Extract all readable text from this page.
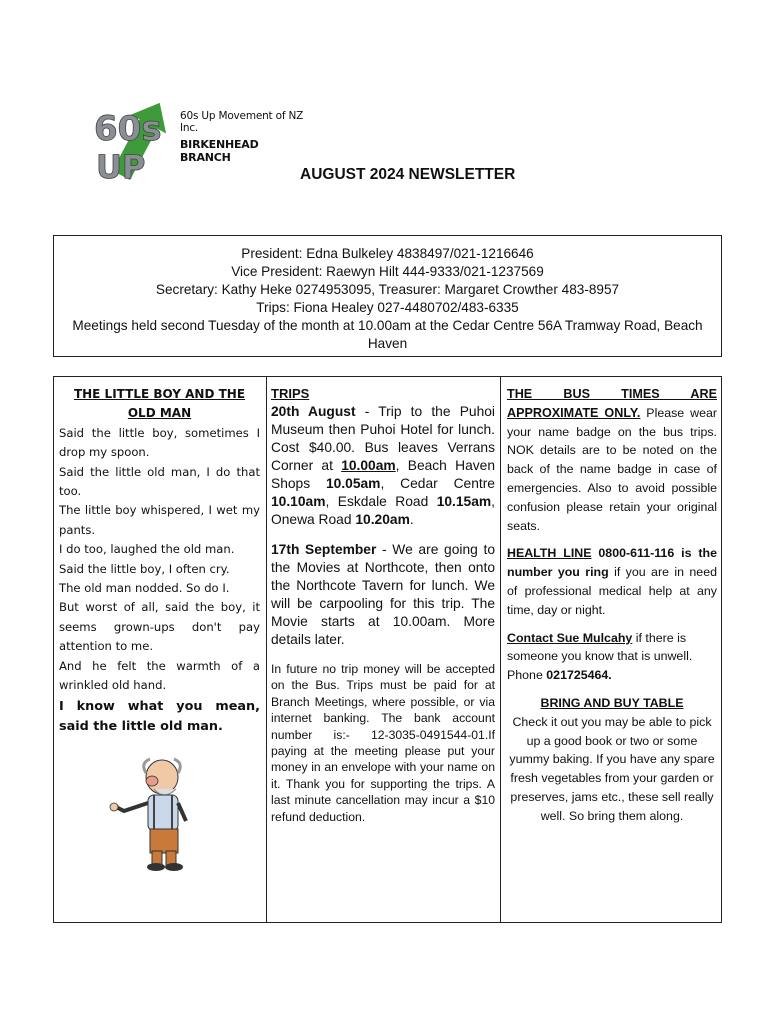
60s
UP
60s Up Movement of NZ Inc.
BIRKENHEAD BRANCH
AUGUST 2024 NEWSLETTER
President: Edna Bulkeley 4838497/021-1216646
Vice President: Raewyn Hilt 444-9333/021-1237569
Secretary: Kathy Heke 0274953095, Treasurer: Margaret Crowther 483-8957
Trips: Fiona Healey 027-4480702/483-6335
Meetings held second Tuesday of the month at 10.00am at the Cedar Centre 56A Tramway Road, Beach Haven
THE LITTLE BOY AND THE OLD MAN

Said the little boy, sometimes I drop my spoon.

Said the little old man, I do that too.

The little boy whispered, I wet my pants.

I do too, laughed the old man.

Said the little boy, I often cry.

The old man nodded. So do I.

But worst of all, said the boy, it seems grown-ups don't pay attention to me.

And he felt the warmth of a wrinkled old hand.

I know what you mean, said the little old man.

TRIPS

20th August - Trip to the Puhoi Museum then Puhoi Hotel for lunch. Cost $40.00. Bus leaves Verrans Corner at 10.00am, Beach Haven Shops 10.05am, Cedar Centre 10.10am, Eskdale Road 10.15am, Onewa Road 10.20am.

17th September - We are going to the Movies at Northcote, then onto the Northcote Tavern for lunch. We will be carpooling for this trip. The Movie starts at 10.00am. More details later.

In future no trip money will be accepted on the Bus. Trips must be paid for at Branch Meetings, where possible, or via internet banking. The bank account number is:- 12-3035-0491544-01.If paying at the meeting please put your money in an envelope with your name on it. Thank you for supporting the trips. A last minute cancellation may incur a $10 refund deduction.

THE BUS TIMES ARE APPROXIMATE ONLY. Please wear your name badge on the bus trips. NOK details are to be noted on the back of the name badge in case of emergencies. Also to avoid possible confusion please retain your original seats.

HEALTH LINE 0800-611-116 is the number you ring if you are in need of professional medical help at any time, day or night.

Contact Sue Mulcahy if there is someone you know that is unwell. Phone 021725464.

BRING AND BUY TABLE

Check it out you may be able to pick up a good book or two or some yummy baking. If you have any spare fresh vegetables from your garden or preserves, jams etc., these sell really well. So bring them along.
